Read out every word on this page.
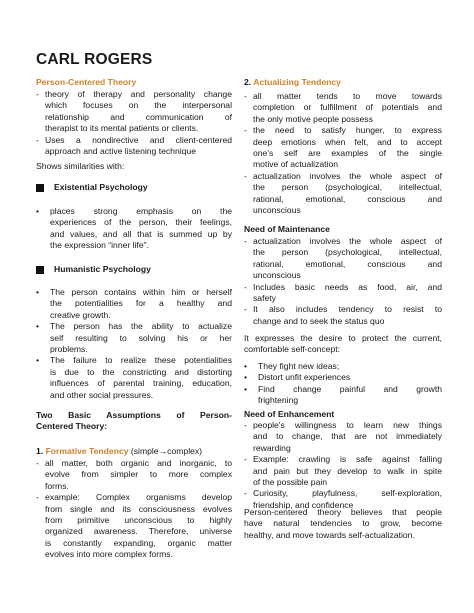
CARL ROGERS
Person-Centered Theory
- theory of therapy and personality change
which focuses on the interpersonal
relationship and communication of
therapist to its mental patients or clients.
- Uses a nondirective and client-centered
approach and active listening technique
Shows similarities with:
Existential Psychology
• places strong emphasis on the
experiences of the person, their feelings,
and values, and all that is summed up by
the expression “inner life”.
Humanistic Psychology
• The person contains within him or herself
the potentialities for a healthy and
creative growth.
• The person has the ability to actualize
self resulting to solving his or her
problems.
• The failure to realize these potentialities
is due to the constricting and distorting
influences of parental training, education,
and other social pressures.
Two Basic Assumptions of Person-
Centered Theory:
1. Formative Tendency (simple→complex)
- all matter, both organic and inorganic, to
evolve from simpler to more complex
forms.
- example: Complex organisms develop
from single and its consciousness evolves
from primitive unconscious to highly
organized awareness. Therefore, universe
is constantly expanding, organic matter
evolves into more complex forms.
2. Actualizing Tendency
- all matter tends to move towards
completion or fulfillment of potentials and
the only motive people possess
- the need to satisfy hunger, to express
deep emotions when felt, and to accept
one's self are examples of the single
motive of actualization
- actualization involves the whole aspect of
the person (psychological, intellectual,
rational, emotional, conscious and
unconscious
Need of Maintenance
- actualization involves the whole aspect of
the person (psychological, intellectual,
rational, emotional, conscious and
unconscious
- Includes basic needs as food, air, and
safety
- It also includes tendency to resist to
change and to seek the status quo
It expresses the desire to protect the current,
comfortable self-concept:
• They fight new ideas;
• Distort unfit experiences
• Find change painful and growth
frightening
Need of Enhancement
- people's willingness to learn new things
and to change, that are not immediately
rewarding
- Example: crawling is safe against falling
and pain but they develop to walk in spite
of the possible pain
- Curiosity, playfulness, self-exploration,
friendship, and confidence
Person-centered theory believes that people
have natural tendencies to grow, become
healthy, and move towards self-actualization.
